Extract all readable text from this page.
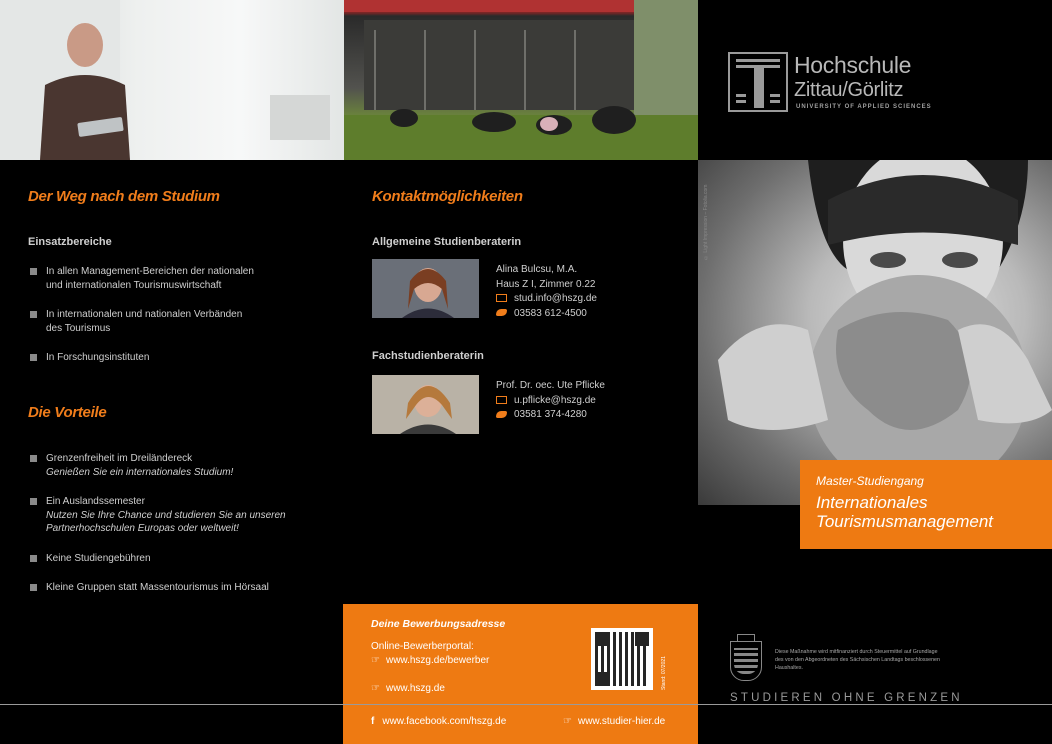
Hochschule
Zittau/Görlitz
UNIVERSITY OF APPLIED SCIENCES
© Light Impression – Fotolia.com
Der Weg nach dem Studium
Einsatzbereiche
In allen Management-Bereichen der nationalen
und internationalen Tourismuswirtschaft
In internationalen und nationalen Verbänden
des Tourismus
In Forschungsinstituten
Die Vorteile
Grenzenfreiheit im Dreiländereck
Genießen Sie ein internationales Studium!
Ein Auslandssemester
Nutzen Sie Ihre Chance und studieren Sie an unseren
Partnerhochschulen Europas oder weltweit!
Keine Studiengebühren
Kleine Gruppen statt Massentourismus im Hörsaal
Kontaktmöglichkeiten
Allgemeine Studienberaterin
Alina Bulcsu, M.A.
Haus Z I, Zimmer 0.22
stud.info@hszg.de
03583 612-4500
Fachstudienberaterin
Prof. Dr. oec. Ute Pflicke
u.pflicke@hszg.de
03581 374-4280
Master-Studiengang
Internationales
Tourismusmanagement
Deine Bewerbungsadresse
Online-Bewerberportal:
☞ www.hszg.de/bewerber
☞ www.hszg.de	Stand: 07/2021
f www.facebook.com/hszg.de	☞ www.studier-hier.de
Diese Maßnahme wird mitfinanziert durch Steuermittel auf Grundlage des von den Abgeordneten des Sächsischen Landtags beschlossenen Haushaltes.
STUDIEREN OHNE GRENZEN
